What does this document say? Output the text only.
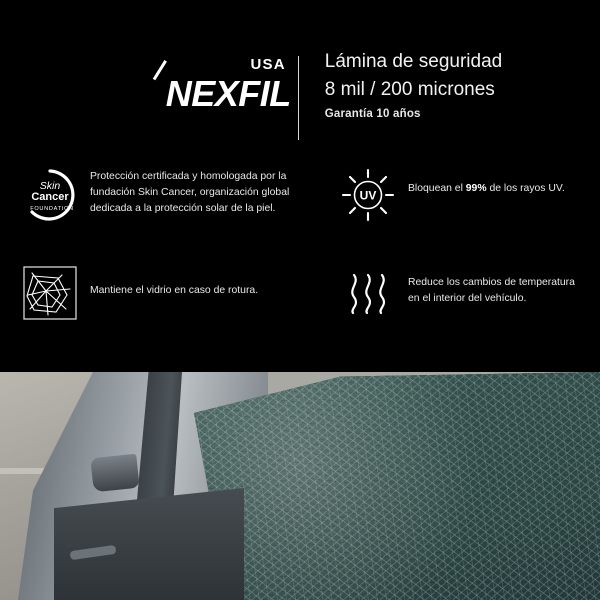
USA
NEXFIL
Lámina de seguridad
8 mil / 200 micrones
Garantía 10 años
Skin
Cancer
FOUNDATION
Protección certificada y homologada por la fundación Skin Cancer, organización global dedicada a la protección solar de la piel.
UV	Bloquean el 99% de los rayos UV.
Mantiene el vidrio en caso de rotura.
Reduce los cambios de temperatura
en el interior del vehículo.
